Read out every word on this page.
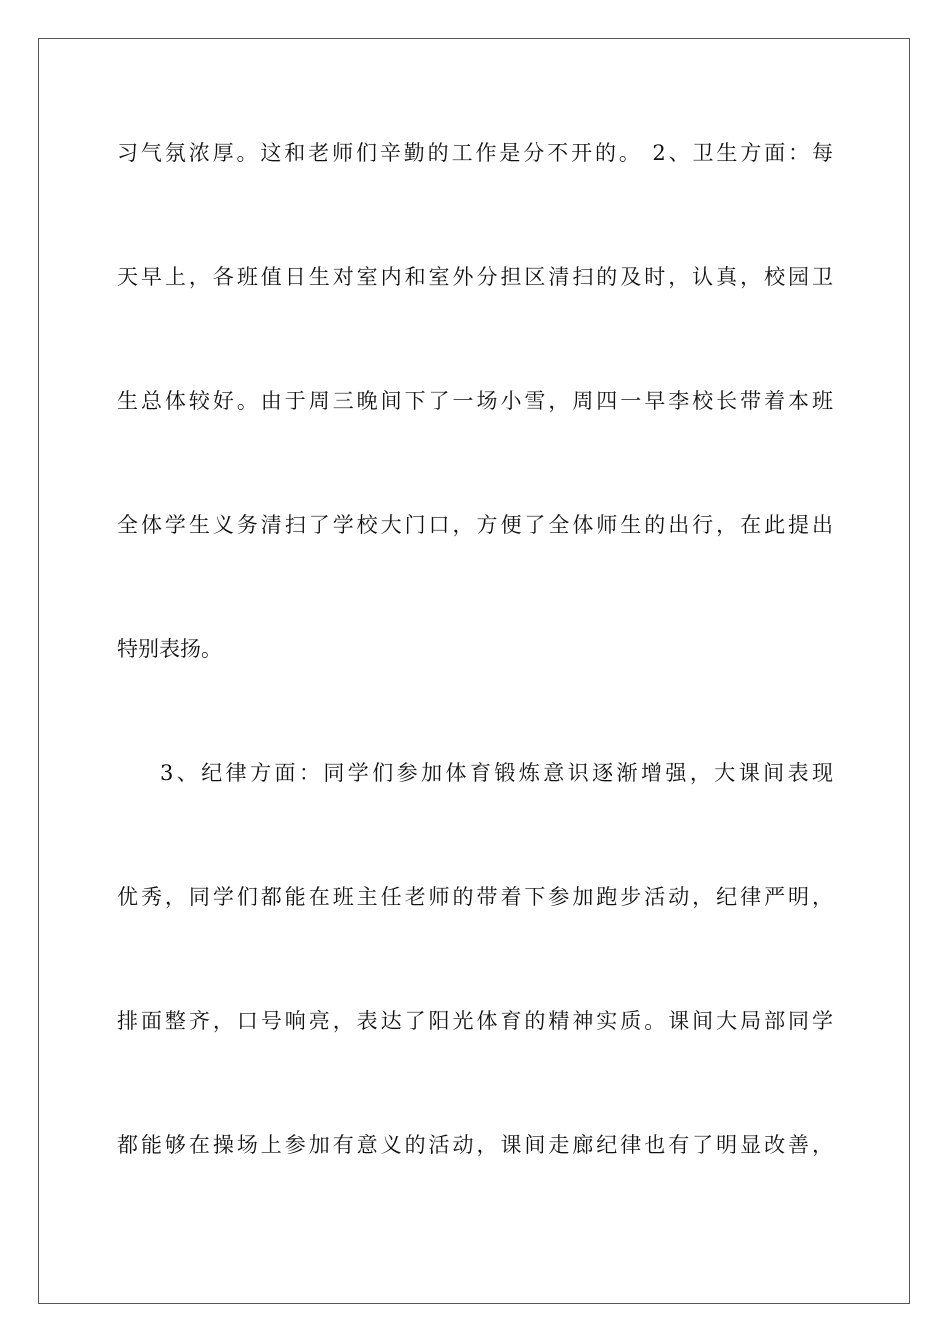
习气氛浓厚。这和老师们辛勤的工作是分不开的。 2、卫生方面：每
天早上，各班值日生对室内和室外分担区清扫的及时，认真，校园卫
生总体较好。由于周三晚间下了一场小雪，周四一早李校长带着本班
全体学生义务清扫了学校大门口，方便了全体师生的出行，在此提出
特别表扬。
3、纪律方面：同学们参加体育锻炼意识逐渐增强，大课间表现
优秀，同学们都能在班主任老师的带着下参加跑步活动，纪律严明，
排面整齐，口号响亮，表达了阳光体育的精神实质。课间大局部同学
都能够在操场上参加有意义的活动，课间走廊纪律也有了明显改善，
